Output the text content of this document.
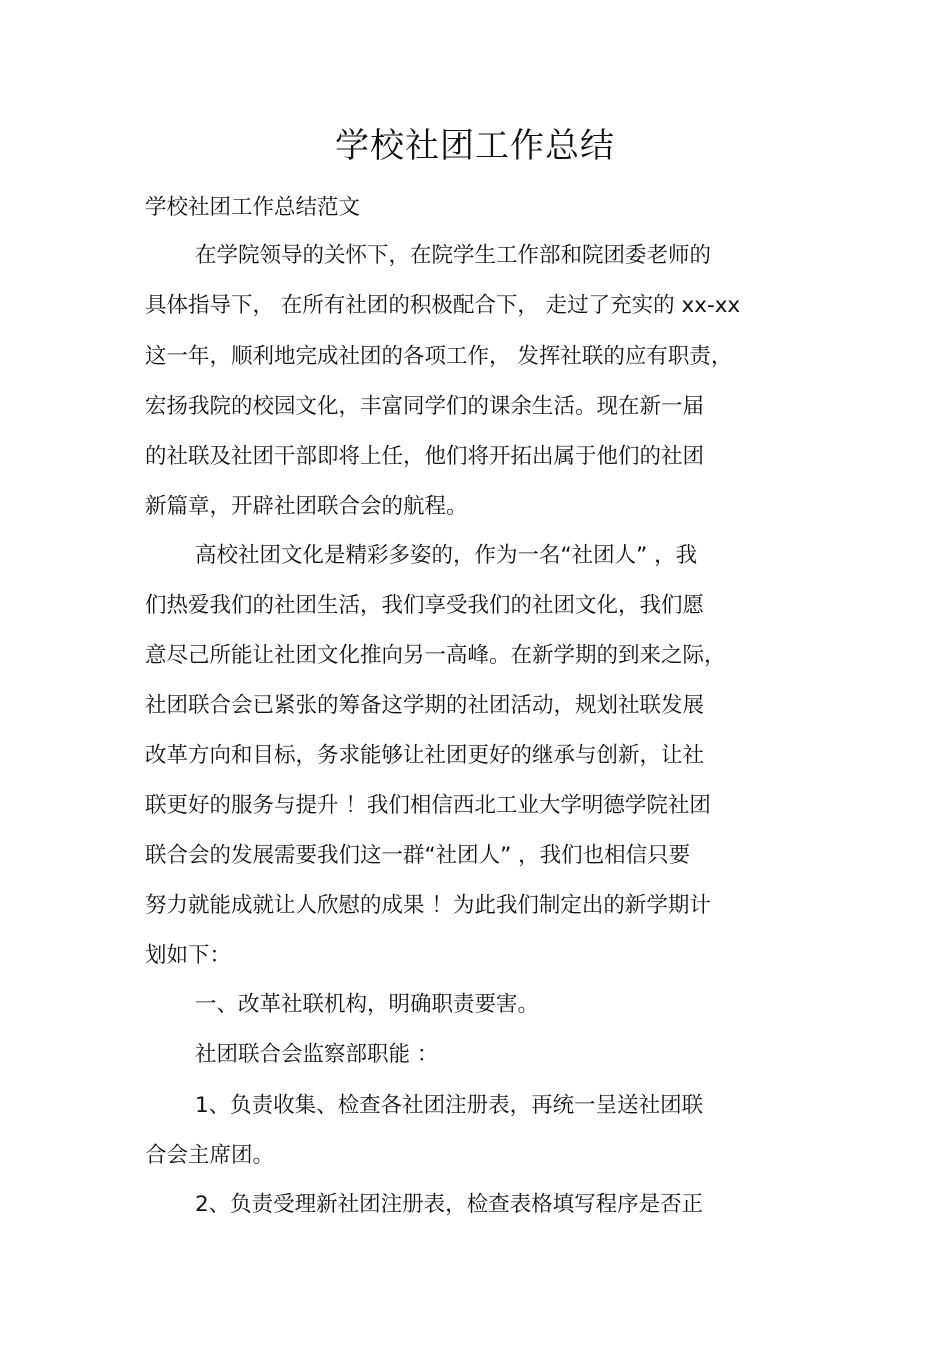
学校社团工作总结

学校社团工作总结范文

在学院领导的关怀下，在院学生工作部和院团委老师的

具体指导下， 在所有社团的积极配合下， 走过了充实的 xx-xx

这一年，顺利地完成社团的各项工作， 发挥社联的应有职责，

宏扬我院的校园文化，丰富同学们的课余生活。现在新一届

的社联及社团干部即将上任，他们将开拓出属于他们的社团

新篇章，开辟社团联合会的航程。

高校社团文化是精彩多姿的，作为一名“社团人” ，我

们热爱我们的社团生活，我们享受我们的社团文化，我们愿

意尽己所能让社团文化推向另一高峰。在新学期的到来之际，

社团联合会已紧张的筹备这学期的社团活动，规划社联发展

改革方向和目标，务求能够让社团更好的继承与创新，让社

联更好的服务与提升 ！我们相信西北工业大学明德学院社团

联合会的发展需要我们这一群“社团人” ，我们也相信只要

努力就能成就让人欣慰的成果 ！为此我们制定出的新学期计

划如下：

一、改革社联机构，明确职责要害。

社团联合会监察部职能 ：

1、负责收集、检查各社团注册表，再统一呈送社团联

合会主席团。

2、负责受理新社团注册表，检查表格填写程序是否正
